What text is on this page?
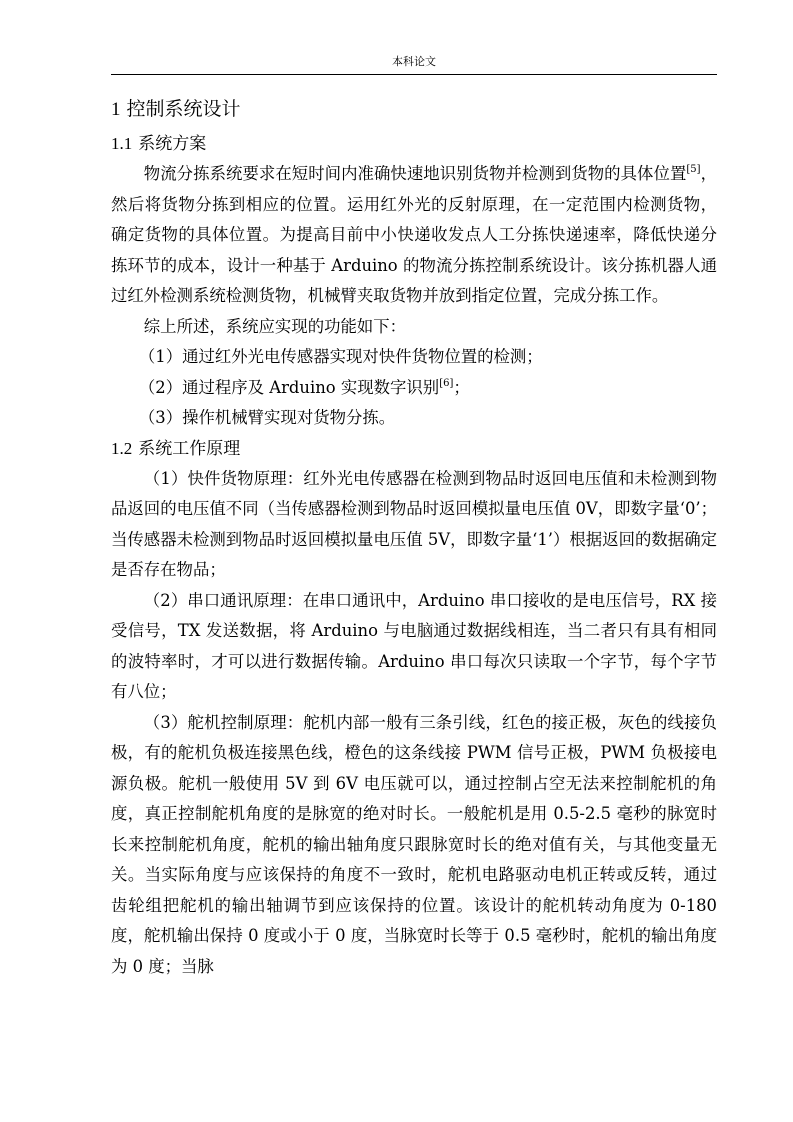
本科论文
1 控制系统设计
1.1 系统方案

物流分拣系统要求在短时间内准确快速地识别货物并检测到货物的具体位置[5]，然后将货物分拣到相应的位置。运用红外光的反射原理，在一定范围内检测货物，确定货物的具体位置。为提高目前中小快递收发点人工分拣快递速率，降低快递分拣环节的成本，设计一种基于 Arduino 的物流分拣控制系统设计。该分拣机器人通过红外检测系统检测货物，机械臂夹取货物并放到指定位置，完成分拣工作。

综上所述，系统应实现的功能如下：

（1）通过红外光电传感器实现对快件货物位置的检测；

（2）通过程序及 Arduino 实现数字识别[6]；

（3）操作机械臂实现对货物分拣。

1.2 系统工作原理

（1）快件货物原理：红外光电传感器在检测到物品时返回电压值和未检测到物品返回的电压值不同（当传感器检测到物品时返回模拟量电压值 0V，即数字量‘0’；当传感器未检测到物品时返回模拟量电压值 5V，即数字量‘1’）根据返回的数据确定是否存在物品；

（2）串口通讯原理：在串口通讯中，Arduino 串口接收的是电压信号，RX 接受信号，TX 发送数据，将 Arduino 与电脑通过数据线相连，当二者只有具有相同的波特率时，才可以进行数据传输。Arduino 串口每次只读取一个字节，每个字节有八位；

（3）舵机控制原理：舵机内部一般有三条引线，红色的接正极，灰色的线接负极，有的舵机负极连接黑色线，橙色的这条线接 PWM 信号正极，PWM 负极接电源负极。舵机一般使用 5V 到 6V 电压就可以，通过控制占空无法来控制舵机的角度，真正控制舵机角度的是脉宽的绝对时长。一般舵机是用 0.5-2.5 毫秒的脉宽时长来控制舵机角度，舵机的输出轴角度只跟脉宽时长的绝对值有关，与其他变量无关。当实际角度与应该保持的角度不一致时，舵机电路驱动电机正转或反转，通过齿轮组把舵机的输出轴调节到应该保持的位置。该设计的舵机转动角度为 0-180 度，舵机输出保持 0 度或小于 0 度，当脉宽时长等于 0.5 毫秒时，舵机的输出角度为 0 度；当脉
